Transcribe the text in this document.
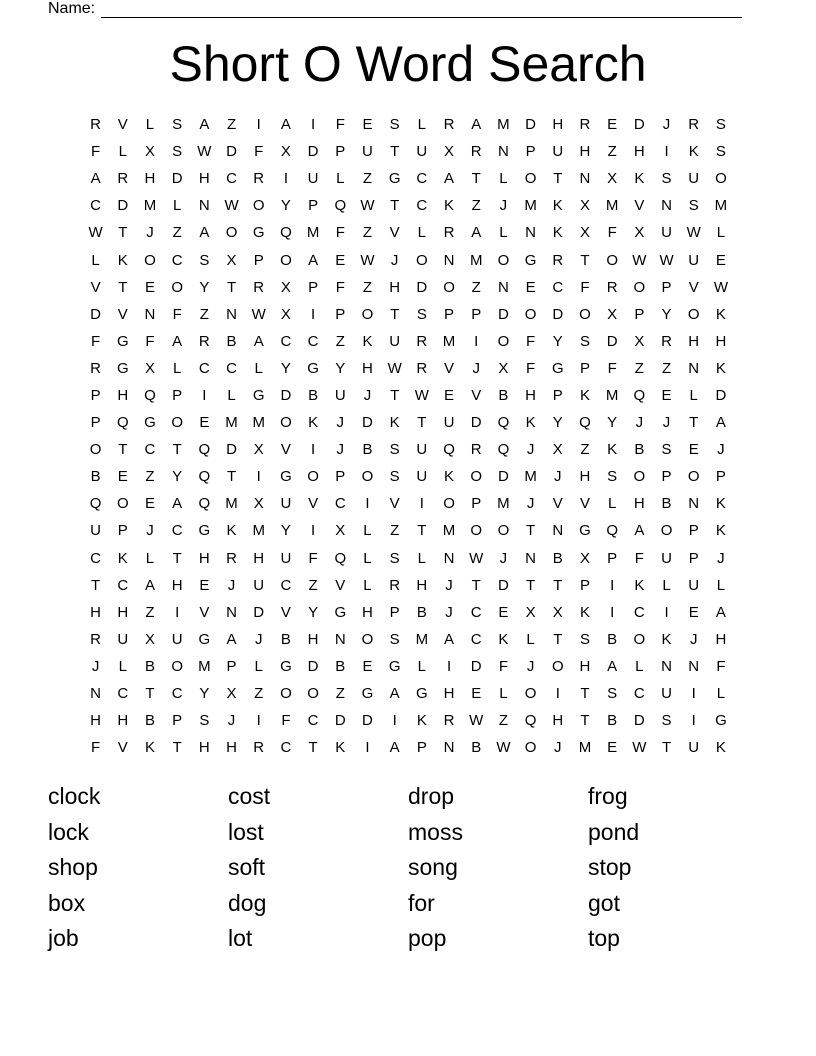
Name:
Short O Word Search
R	V	L	S	A	Z	I	A	I	F	E	S	L	R	A	M	D	H	R	E	D	J	R	S
F	L	X	S	W	D	F	X	D	P	U	T	U	X	R	N	P	U	H	Z	H	I	K	S
A	R	H	D	H	C	R	I	U	L	Z	G	C	A	T	L	O	T	N	X	K	S	U	O
C	D	M	L	N	W	O	Y	P	Q	W	T	C	K	Z	J	M	K	X	M	V	N	S	M
W	T	J	Z	A	O	G	Q	M	F	Z	V	L	R	A	L	N	K	X	F	X	U	W	L
L	K	O	C	S	X	P	O	A	E	W	J	O	N	M	O	G	R	T	O	W	W	U	E
V	T	E	O	Y	T	R	X	P	F	Z	H	D	O	Z	N	E	C	F	R	O	P	V	W
D	V	N	F	Z	N	W	X	I	P	O	T	S	P	P	D	O	D	O	X	P	Y	O	K
F	G	F	A	R	B	A	C	C	Z	K	U	R	M	I	O	F	Y	S	D	X	R	H	H
R	G	X	L	C	C	L	Y	G	Y	H	W	R	V	J	X	F	G	P	F	Z	Z	N	K
P	H	Q	P	I	L	G	D	B	U	J	T	W	E	V	B	H	P	K	M	Q	E	L	D
P	Q	G	O	E	M	M	O	K	J	D	K	T	U	D	Q	K	Y	Q	Y	J	J	T	A
O	T	C	T	Q	D	X	V	I	J	B	S	U	Q	R	Q	J	X	Z	K	B	S	E	J
B	E	Z	Y	Q	T	I	G	O	P	O	S	U	K	O	D	M	J	H	S	O	P	O	P
Q	O	E	A	Q	M	X	U	V	C	I	V	I	O	P	M	J	V	V	L	H	B	N	K
U	P	J	C	G	K	M	Y	I	X	L	Z	T	M	O	O	T	N	G	Q	A	O	P	K
C	K	L	T	H	R	H	U	F	Q	L	S	L	N	W	J	N	B	X	P	F	U	P	J
T	C	A	H	E	J	U	C	Z	V	L	R	H	J	T	D	T	T	P	I	K	L	U	L
H	H	Z	I	V	N	D	V	Y	G	H	P	B	J	C	E	X	X	K	I	C	I	E	A
R	U	X	U	G	A	J	B	H	N	O	S	M	A	C	K	L	T	S	B	O	K	J	H
J	L	B	O	M	P	L	G	D	B	E	G	L	I	D	F	J	O	H	A	L	N	N	F
N	C	T	C	Y	X	Z	O	O	Z	G	A	G	H	E	L	O	I	T	S	C	U	I	L
H	H	B	P	S	J	I	F	C	D	D	I	K	R	W	Z	Q	H	T	B	D	S	I	G
F	V	K	T	H	H	R	C	T	K	I	A	P	N	B	W	O	J	M	E	W	T	U	K
clock	cost	drop	frog
lock	lost	moss	pond
shop	soft	song	stop
box	dog	for	got
job	lot	pop	top
